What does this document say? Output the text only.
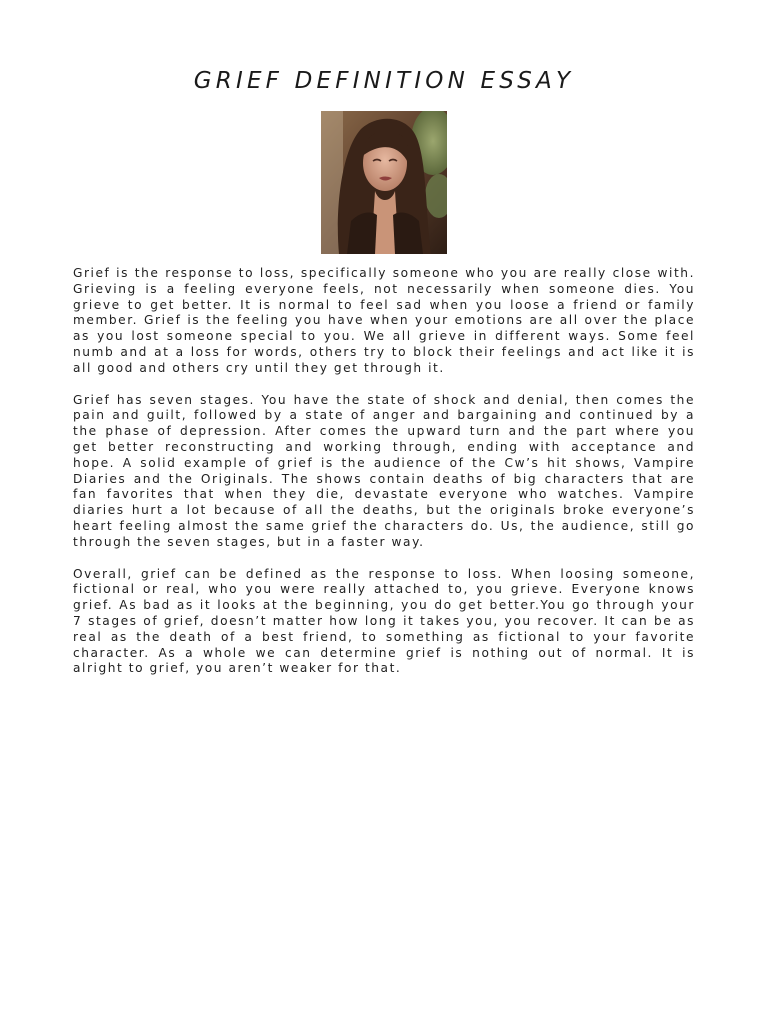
GRIEF DEFINITION ESSAY

Grief is the response to loss, specifically someone who you are really close with. Grieving is a feeling everyone feels, not necessarily when someone dies. You grieve to get better. It is normal to feel sad when you loose a friend or family member. Grief is the feeling you have when your emotions are all over the place as you lost someone special to you. We all grieve in different ways. Some feel numb and at a loss for words, others try to block their feelings and act like it is all good and others cry until they get through it.

Grief has seven stages. You have the state of shock and denial, then comes the pain and guilt, followed by a state of anger and bargaining and continued by a the phase of depression. After comes the upward turn and the part where you get better reconstructing and working through, ending with acceptance and hope. A solid example of grief is the audience of the Cw’s hit shows, Vampire Diaries and the Originals. The shows contain deaths of big characters that are fan favorites that when they die, devastate everyone who watches. Vampire diaries hurt a lot because of all the deaths, but the originals broke everyone’s heart feeling almost the same grief the characters do. Us, the audience, still go through the seven stages, but in a faster way.

Overall, grief can be defined as the response to loss. When loosing someone, fictional or real, who you were really attached to, you grieve. Everyone knows grief. As bad as it looks at the beginning, you do get better.You go through your 7 stages of grief, doesn’t matter how long it takes you, you recover. It can be as real as the death of a best friend, to something as fictional to your favorite character. As a whole we can determine grief is nothing out of normal. It is alright to grief, you aren’t weaker for that.
